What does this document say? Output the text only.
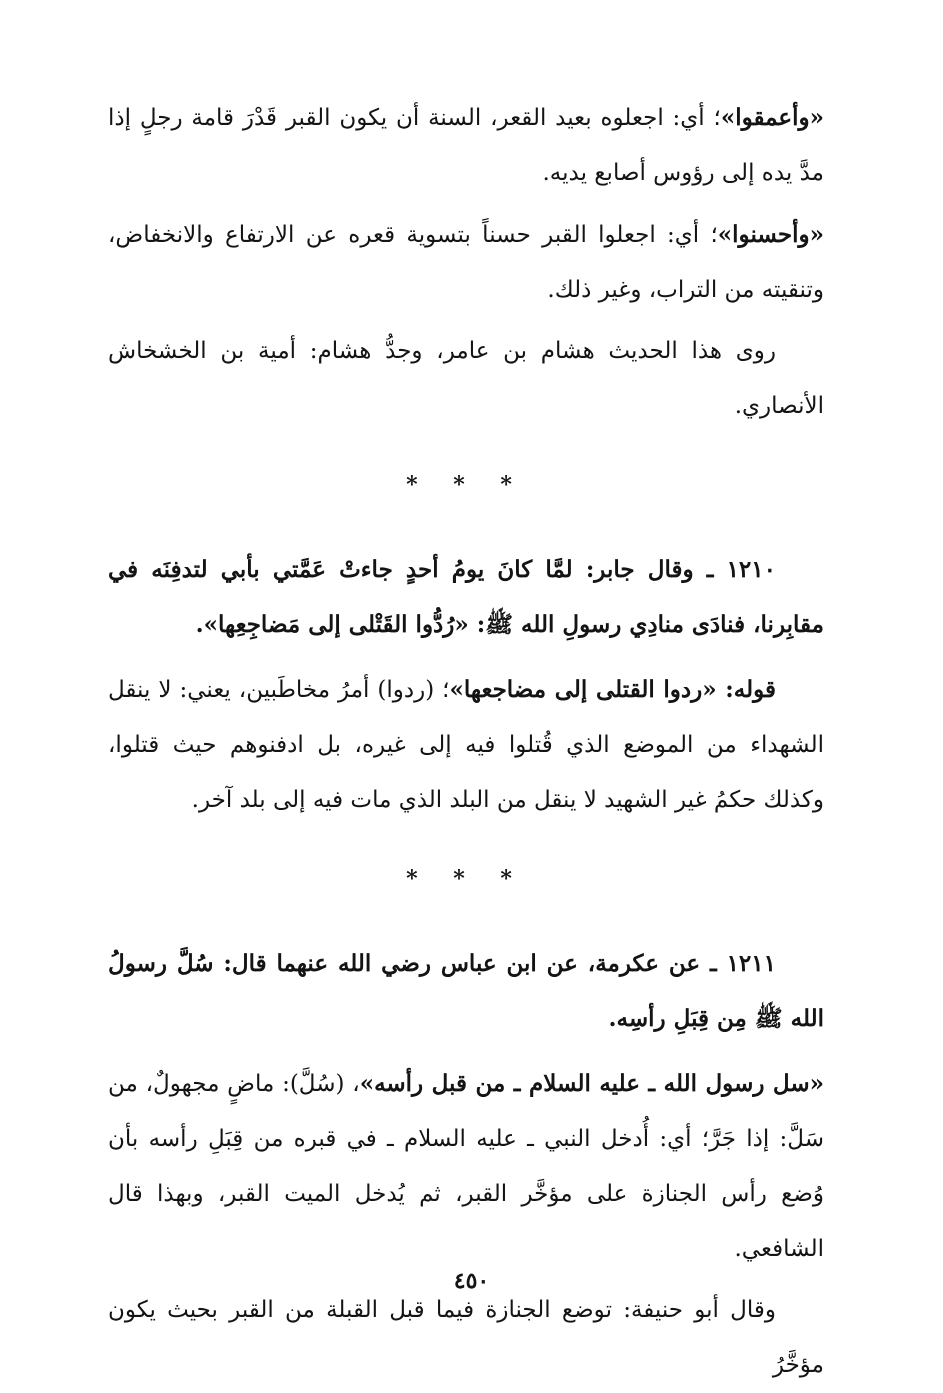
«وأعمقوا»؛ أي: اجعلوه بعيد القعر، السنة أن يكون القبر قَدْرَ قامة رجلٍ إذا مدَّ يده إلى رؤوس أصابع يديه.

«وأحسنوا»؛ أي: اجعلوا القبر حسناً بتسوية قعره عن الارتفاع والانخفاض، وتنقيته من التراب، وغير ذلك.

روى هذا الحديث هشام بن عامر، وجدُّ هشام: أمية بن الخشخاش الأنصاري.

* * *

١٢١٠ ـ وقال جابر: لمَّا كانَ يومُ أحدٍ جاءتْ عَمَّتي بأبي لتدفِنَه في مقابِرنا، فنادَى منادِي رسولِ الله ﷺ: «رُدُّوا القَتْلى إلى مَضاجِعِها».

قوله: «ردوا القتلى إلى مضاجعها»؛ (ردوا) أمرُ مخاطَبين، يعني: لا ينقل الشهداء من الموضع الذي قُتلوا فيه إلى غيره، بل ادفنوهم حيث قتلوا، وكذلك حكمُ غير الشهيد لا ينقل من البلد الذي مات فيه إلى بلد آخر.

* * *

١٢١١ ـ عن عكرمة، عن ابن عباس رضي الله عنهما قال: سُلَّ رسولُ الله ﷺ مِن قِبَلِ رأسِه.

«سل رسول الله ـ عليه السلام ـ من قبل رأسه»، (سُلَّ): ماضٍ مجهولٌ، من سَلَّ: إذا جَرَّ؛ أي: أُدخل النبي ـ عليه السلام ـ في قبره من قِبَلِ رأسه بأن وُضع رأس الجنازة على مؤخَّر القبر، ثم يُدخل الميت القبر، وبهذا قال الشافعي.

وقال أبو حنيفة: توضع الجنازة فيما قبل القبلة من القبر بحيث يكون مؤخَّرُ

٤٥٠
